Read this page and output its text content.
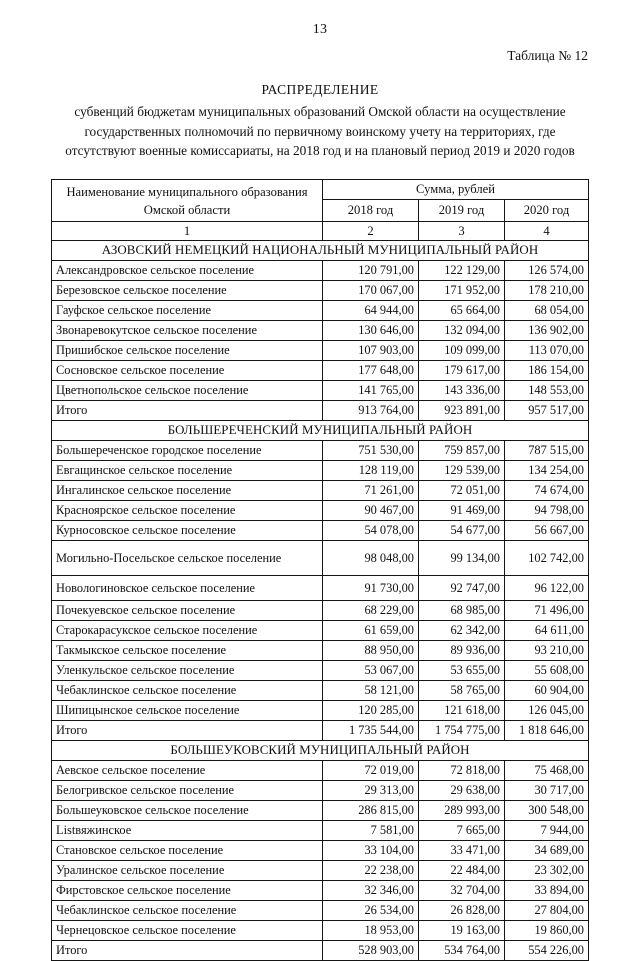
13
Таблица № 12
РАСПРЕДЕЛЕНИЕ
субвенций бюджетам муниципальных образований Омской области на осуществление государственных полномочий по первичному воинскому учету на территориях, где отсутствуют военные комиссариаты, на 2018 год и на плановый период 2019 и 2020 годов
Наименование муниципального образования Омской области	Сумма, рублей		
	2018 год	2019 год	2020 год
1	2	3	4
АЗОВСКИЙ НЕМЕЦКИЙ НАЦИОНАЛЬНЫЙ МУНИЦИПАЛЬНЫЙ РАЙОН			
Александровское сельское поселение	120 791,00	122 129,00	126 574,00
Березовское сельское поселение	170 067,00	171 952,00	178 210,00
Гауфское сельское поселение	64 944,00	65 664,00	68 054,00
Звонаревокутское сельское поселение	130 646,00	132 094,00	136 902,00
Пришибское сельское поселение	107 903,00	109 099,00	113 070,00
Сосновское сельское поселение	177 648,00	179 617,00	186 154,00
Цветнопольское сельское поселение	141 765,00	143 336,00	148 553,00
Итого	913 764,00	923 891,00	957 517,00
БОЛЬШЕРЕЧЕНСКИЙ МУНИЦИПАЛЬНЫЙ РАЙОН			
Большереченское городское поселение	751 530,00	759 857,00	787 515,00
Евгащинское сельское поселение	128 119,00	129 539,00	134 254,00
Ингалинское сельское поселение	71 261,00	72 051,00	74 674,00
Красноярское сельское поселение	90 467,00	91 469,00	94 798,00
Курносовское сельское поселение	54 078,00	54 677,00	56 667,00
Могильно-Посельское сельское поселение	98 048,00	99 134,00	102 742,00
Новологиновское сельское поселение	91 730,00	92 747,00	96 122,00
Почекуевское сельское поселение	68 229,00	68 985,00	71 496,00
Старокарасукское сельское поселение	61 659,00	62 342,00	64 611,00
Такмыкское сельское поселение	88 950,00	89 936,00	93 210,00
Уленкульское сельское поселение	53 067,00	53 655,00	55 608,00
Чебаклинское сельское поселение	58 121,00	58 765,00	60 904,00
Шипицынское сельское поселение	120 285,00	121 618,00	126 045,00
Итого	1 735 544,00	1 754 775,00	1 818 646,00
БОЛЬШЕУКОВСКИЙ МУНИЦИПАЛЬНЫЙ РАЙОН			
Аевское сельское поселение	72 019,00	72 818,00	75 468,00
Белогривское сельское поселение	29 313,00	29 638,00	30 717,00
Большеуковское сельское поселение	286 815,00	289 993,00	300 548,00
Listвяжинское	7 581,00	7 665,00	7 944,00
Становское сельское поселение	33 104,00	33 471,00	34 689,00
Уралинское сельское поселение	22 238,00	22 484,00	23 302,00
Фирстовское сельское поселение	32 346,00	32 704,00	33 894,00
Чебаклинское сельское поселение	26 534,00	26 828,00	27 804,00
Чернецовское сельское поселение	18 953,00	19 163,00	19 860,00
Итого	528 903,00	534 764,00	554 226,00
